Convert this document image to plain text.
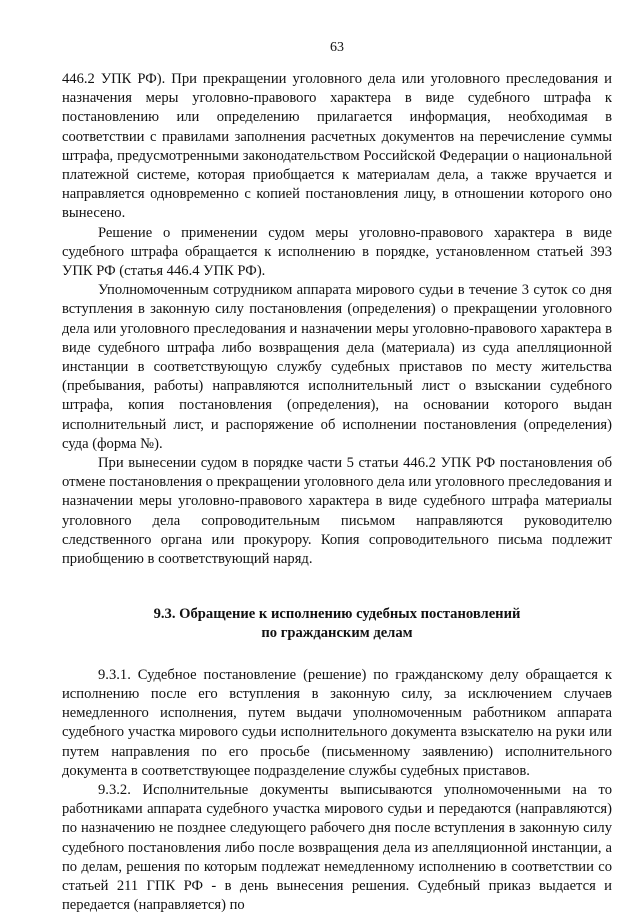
63

446.2 УПК РФ). При прекращении уголовного дела или уголовного преследования и назначения меры уголовно-правового характера в виде судебного штрафа к постановлению или определению прилагается информация, необходимая в соответствии с правилами заполнения расчетных документов на перечисление суммы штрафа, предусмотренными законодательством Российской Федерации о национальной платежной системе, которая приобщается к материалам дела, а также вручается и направляется одновременно с копией постановления лицу, в отношении которого оно вынесено.

Решение о применении судом меры уголовно-правового характера в виде судебного штрафа обращается к исполнению в порядке, установленном статьей 393 УПК РФ (статья 446.4 УПК РФ).

Уполномоченным сотрудником аппарата мирового судьи в течение 3 суток со дня вступления в законную силу постановления (определения) о прекращении уголовного дела или уголовного преследования и назначении меры уголовно-правового характера в виде судебного штрафа либо возвращения дела (материала) из суда апелляционной инстанции в соответствующую службу судебных приставов по месту жительства (пребывания, работы) направляются исполнительный лист о взыскании судебного штрафа, копия постановления (определения), на основании которого выдан исполнительный лист, и распоряжение об исполнении постановления (определения) суда (форма №).

При вынесении судом в порядке части 5 статьи 446.2 УПК РФ постановления об отмене постановления о прекращении уголовного дела или уголовного преследования и назначении меры уголовно-правового характера в виде судебного штрафа материалы уголовного дела сопроводительным письмом направляются руководителю следственного органа или прокурору. Копия сопроводительного письма подлежит приобщению в соответствующий наряд.

9.3. Обращение к исполнению судебных постановлений
по гражданским делам

9.3.1. Судебное постановление (решение) по гражданскому делу обращается к исполнению после его вступления в законную силу, за исключением случаев немедленного исполнения, путем выдачи уполномоченным работником аппарата судебного участка мирового судьи исполнительного документа взыскателю на руки или путем направления по его просьбе (письменному заявлению) исполнительного документа в соответствующее подразделение службы судебных приставов.

9.3.2. Исполнительные документы выписываются уполномоченными на то работниками аппарата судебного участка мирового судьи и передаются (направляются) по назначению не позднее следующего рабочего дня после вступления в законную силу судебного постановления либо после возвращения дела из апелляционной инстанции, а по делам, решения по которым подлежат немедленному исполнению в соответствии со статьей 211 ГПК РФ - в день вынесения решения. Судебный приказ выдается и передается (направляется) по
